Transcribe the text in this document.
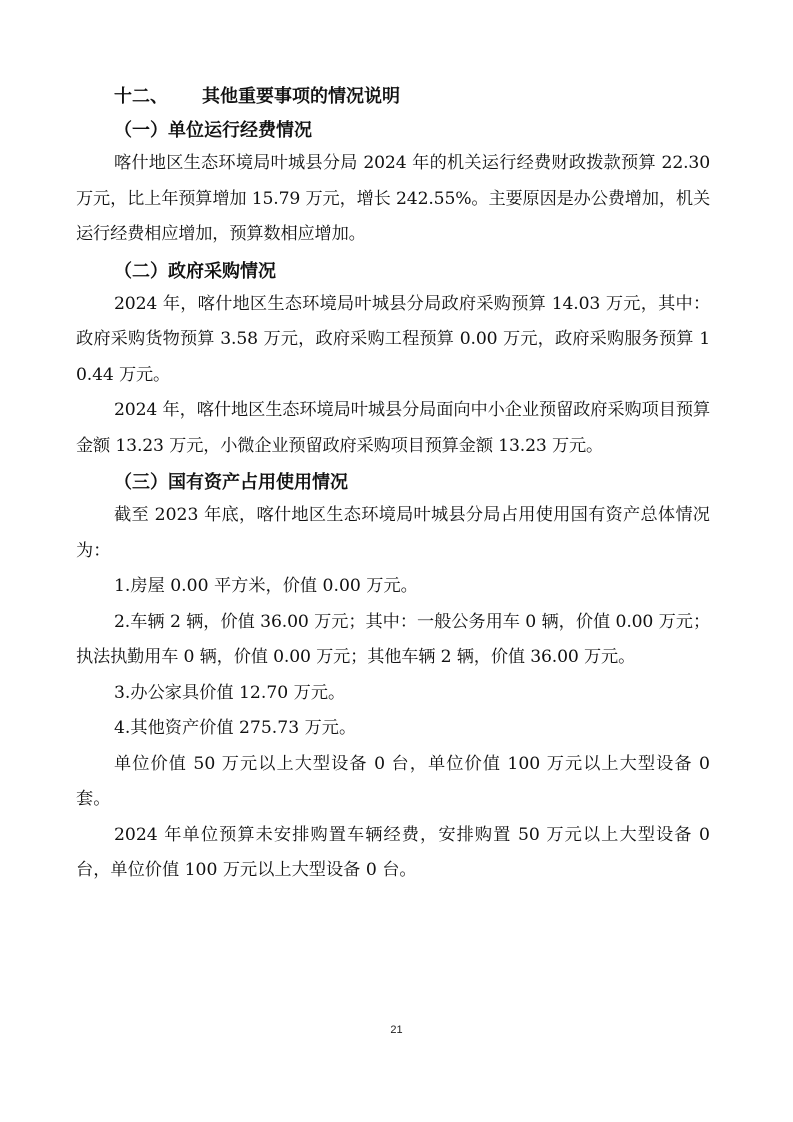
十二、 其他重要事项的情况说明
（一）单位运行经费情况
喀什地区生态环境局叶城县分局 2024 年的机关运行经费财政拨款预算 22.30 万元，比上年预算增加 15.79 万元，增长 242.55%。主要原因是办公费增加，机关运行经费相应增加，预算数相应增加。
（二）政府采购情况
2024 年，喀什地区生态环境局叶城县分局政府采购预算 14.03 万元，其中：政府采购货物预算 3.58 万元，政府采购工程预算 0.00 万元，政府采购服务预算 10.44 万元。
2024 年，喀什地区生态环境局叶城县分局面向中小企业预留政府采购项目预算金额 13.23 万元，小微企业预留政府采购项目预算金额 13.23 万元。
（三）国有资产占用使用情况
截至 2023 年底，喀什地区生态环境局叶城县分局占用使用国有资产总体情况为：
1.房屋 0.00 平方米，价值 0.00 万元。
2.车辆 2 辆，价值 36.00 万元；其中：一般公务用车 0 辆，价值 0.00 万元；执法执勤用车 0 辆，价值 0.00 万元；其他车辆 2 辆，价值 36.00 万元。
3.办公家具价值 12.70 万元。
4.其他资产价值 275.73 万元。
单位价值 50 万元以上大型设备 0 台，单位价值 100 万元以上大型设备 0 套。
2024 年单位预算未安排购置车辆经费，安排购置 50 万元以上大型设备 0 台，单位价值 100 万元以上大型设备 0 台。
21
